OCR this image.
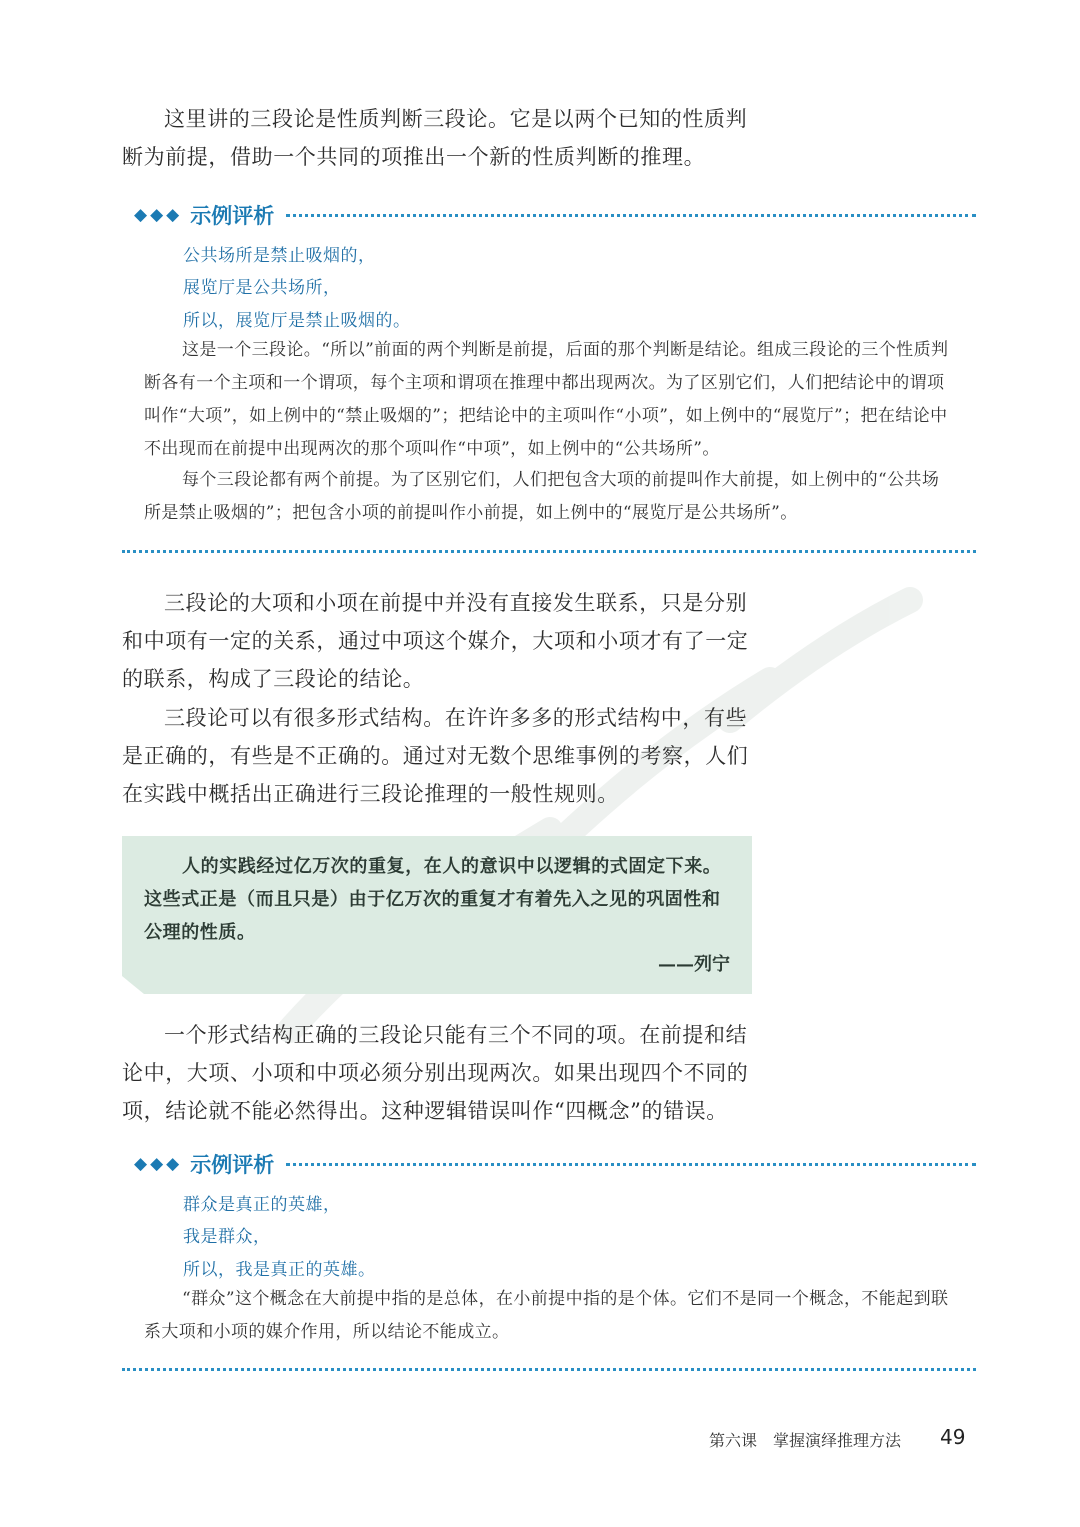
这里讲的三段论是性质判断三段论。它是以两个已知的性质判断为前提，借助一个共同的项推出一个新的性质判断的推理。

◆◆◆ 示例评析
公共场所是禁止吸烟的，
展览厅是公共场所，
所以，展览厅是禁止吸烟的。

这是一个三段论。“所以”前面的两个判断是前提，后面的那个判断是结论。组成三段论的三个性质判断各有一个主项和一个谓项，每个主项和谓项在推理中都出现两次。为了区别它们，人们把结论中的谓项叫作“大项”，如上例中的“禁止吸烟的”；把结论中的主项叫作“小项”，如上例中的“展览厅”；把在结论中不出现而在前提中出现两次的那个项叫作“中项”，如上例中的“公共场所”。

每个三段论都有两个前提。为了区别它们，人们把包含大项的前提叫作大前提，如上例中的“公共场所是禁止吸烟的”；把包含小项的前提叫作小前提，如上例中的“展览厅是公共场所”。

三段论的大项和小项在前提中并没有直接发生联系，只是分别和中项有一定的关系，通过中项这个媒介，大项和小项才有了一定的联系，构成了三段论的结论。

三段论可以有很多形式结构。在许许多多的形式结构中，有些是正确的，有些是不正确的。通过对无数个思维事例的考察，人们在实践中概括出正确进行三段论推理的一般性规则。

人的实践经过亿万次的重复，在人的意识中以逻辑的式固定下来。这些式正是（而且只是）由于亿万次的重复才有着先入之见的巩固性和公理的性质。

——列宁

一个形式结构正确的三段论只能有三个不同的项。在前提和结论中，大项、小项和中项必须分别出现两次。如果出现四个不同的项，结论就不能必然得出。这种逻辑错误叫作“四概念”的错误。

◆◆◆ 示例评析
群众是真正的英雄，
我是群众，
所以，我是真正的英雄。

“群众”这个概念在大前提中指的是总体，在小前提中指的是个体。它们不是同一个概念，不能起到联系大项和小项的媒介作用，所以结论不能成立。

第六课　掌握演绎推理方法 49
